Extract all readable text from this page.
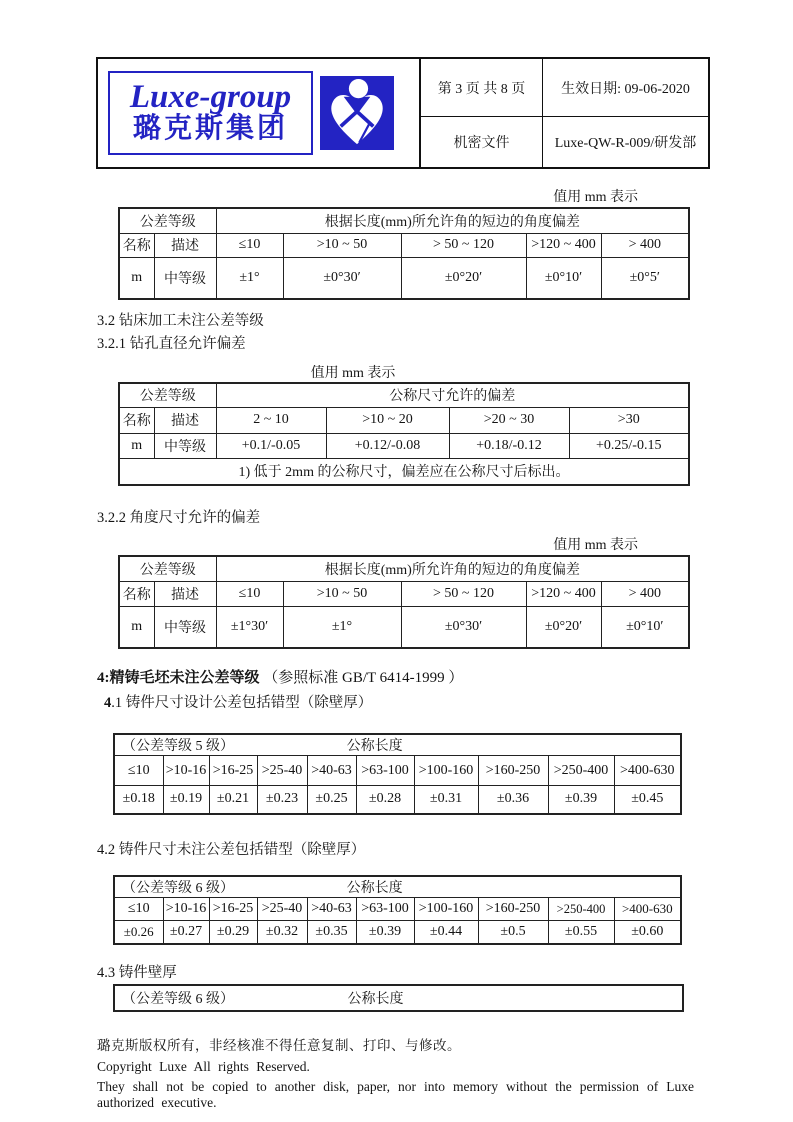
Luxe-group
璐克斯集团
第 3 页 共 8 页	生效日期: 09-06-2020
机密文件	Luxe-QW-R-009/研发部
值用 mm 表示
公差等级		根据长度(mm)所允许角的短边的角度偏差				
名称	描述	≤10	>10 ~ 50	> 50 ~ 120	>120 ~ 400	> 400
m	中等级	±1°	±0°30′	±0°20′	±0°10′	±0°5′
3.2 钻床加工未注公差等级
3.2.1 钻孔直径允许偏差
值用 mm 表示
公差等级		公称尺寸允许的偏差			
名称	描述	2 ~ 10	>10 ~ 20	>20 ~ 30	>30
m	中等级	+0.1/-0.05	+0.12/-0.08	+0.18/-0.12	+0.25/-0.15
1) 低于 2mm 的公称尺寸，偏差应在公称尺寸后标出。					
3.2.2 角度尺寸允许的偏差
值用 mm 表示
公差等级		根据长度(mm)所允许角的短边的角度偏差				
名称	描述	≤10	>10 ~ 50	> 50 ~ 120	>120 ~ 400	> 400
m	中等级	±1°30′	±1°	±0°30′	±0°20′	±0°10′
4:精铸毛坯未注公差等级 （参照标准 GB/T 6414-1999 ）
4.1 铸件尺寸设计公差包括错型（除壁厚）
（公差等级 5 级） 公称长度									

≤10	>10-16	>16-25	>25-40	>40-63	>63-100	>100-160	>160-250	>250-400	>400-630
±0.18	±0.19	±0.21	±0.23	±0.25	±0.28	±0.31	±0.36	±0.39	±0.45
4.2 铸件尺寸未注公差包括错型（除壁厚）
（公差等级 6 级） 公称长度									

≤10	>10-16	>16-25	>25-40	>40-63	>63-100	>100-160	>160-250	>250-400	>400-630
±0.26	±0.27	±0.29	±0.32	±0.35	±0.39	±0.44	±0.5	±0.55	±0.60
4.3 铸件壁厚
（公差等级 6 级）	公称长度
璐克斯版权所有，非经核准不得任意复制、打印、与修改。
Copyright Luxe All rights Reserved.
They shall not be copied to another disk, paper, nor into memory without the permission of Luxe authorized executive.
